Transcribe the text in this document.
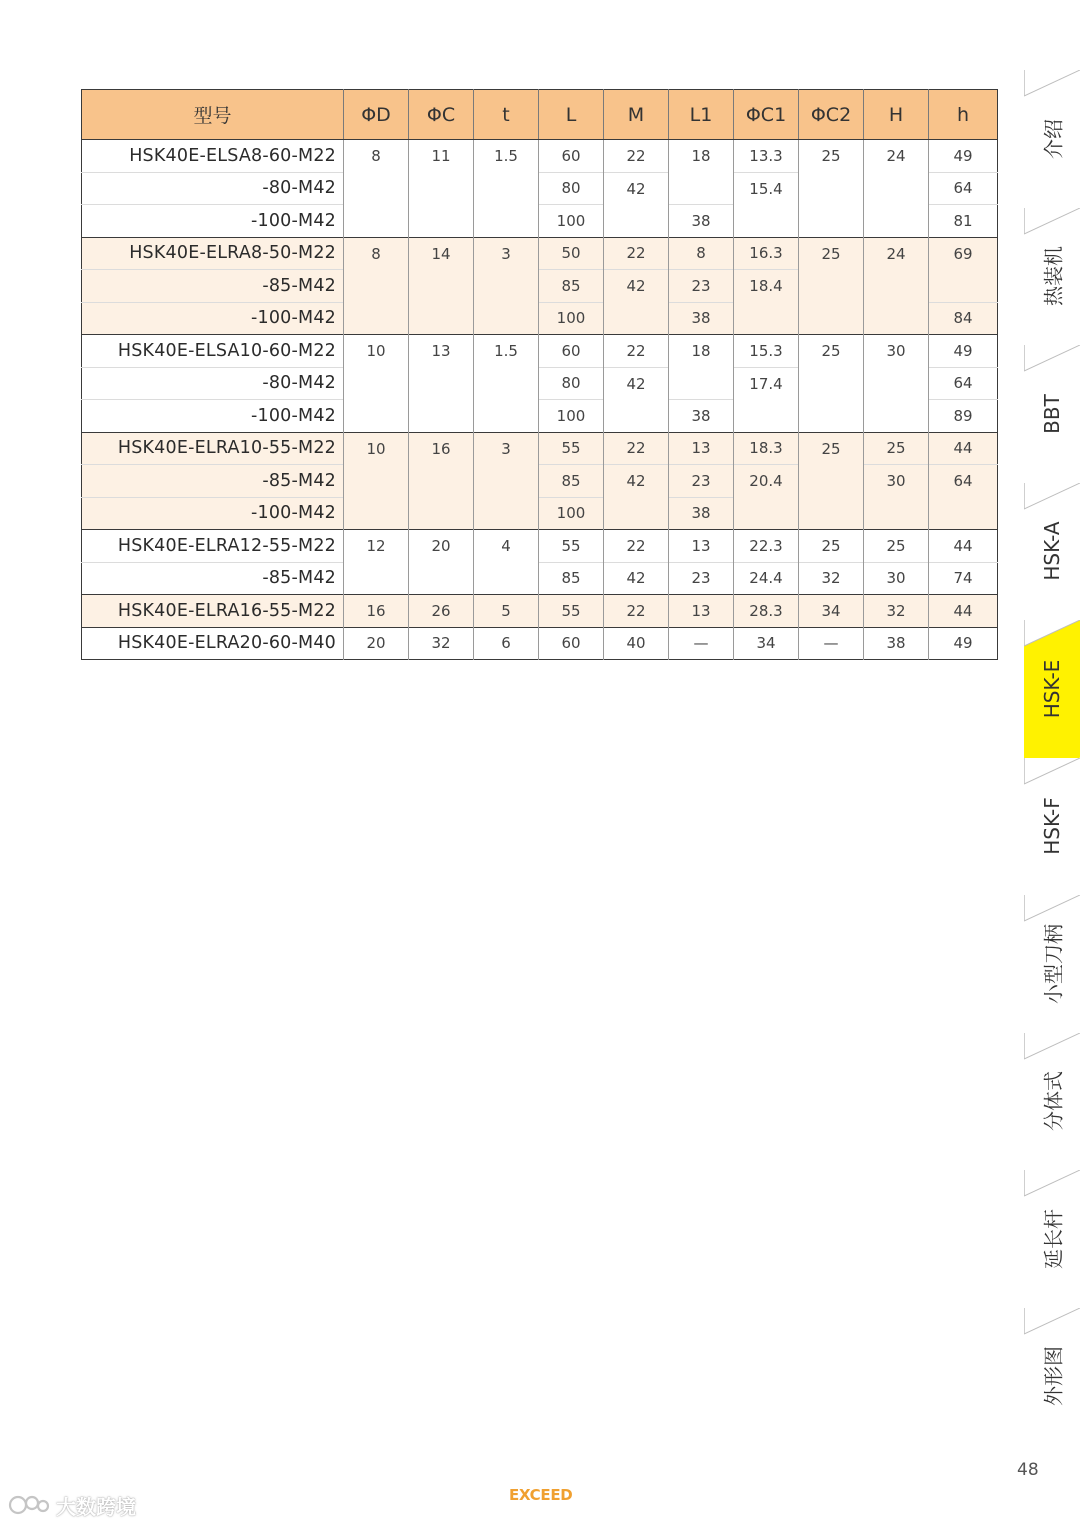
型号	ΦD	ΦC	t	L	M	L1	ΦC1	ΦC2	H	h
HSK40E-ELSA8-60-M22	8	11	1.5	60	22	18	13.3	25	24	49
-80-M42				80	42		15.4			64
-100-M42				100		38				81
HSK40E-ELRA8-50-M22	8	14	3	50	22	8	16.3	25	24	69
-85-M42				85	42	23	18.4			
-100-M42				100		38				84
HSK40E-ELSA10-60-M22	10	13	1.5	60	22	18	15.3	25	30	49
-80-M42				80	42		17.4			64
-100-M42				100		38				89
HSK40E-ELRA10-55-M22	10	16	3	55	22	13	18.3	25	25	44
-85-M42				85	42	23	20.4		30	64
-100-M42				100		38				
HSK40E-ELRA12-55-M22	12	20	4	55	22	13	22.3	25	25	44
-85-M42				85	42	23	24.4	32	30	74
HSK40E-ELRA16-55-M22	16	26	5	55	22	13	28.3	34	32	44
HSK40E-ELRA20-60-M40	20	32	6	60	40	—	34	—	38	49
介绍
热装机
BBT
HSK-A
HSK-E
HSK-F
小型刀柄
分体式
延长杆
外形图
48
EXCEED
大数跨境
